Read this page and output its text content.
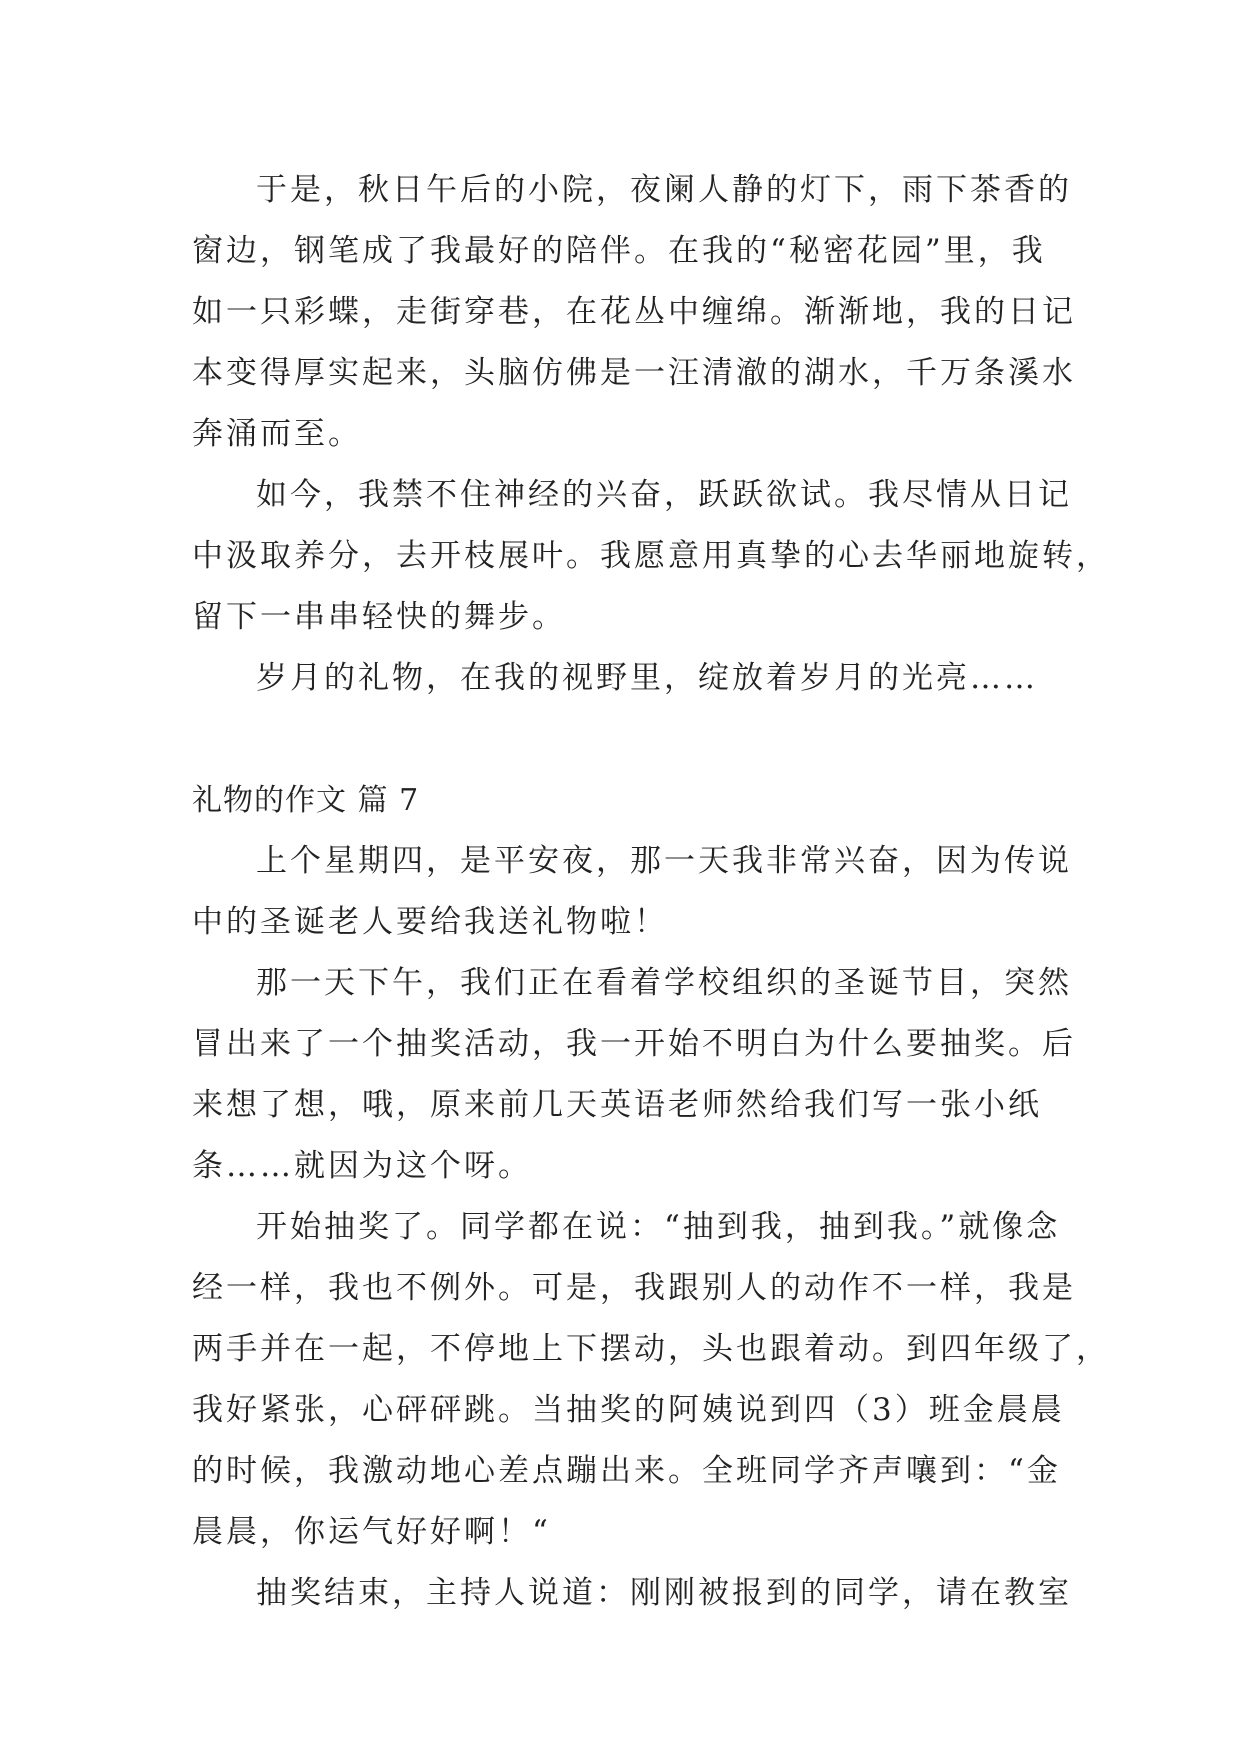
于是，秋日午后的小院，夜阑人静的灯下，雨下茶香的
窗边，钢笔成了我最好的陪伴。在我的“秘密花园”里，我
如一只彩蝶，走街穿巷，在花丛中缠绵。渐渐地，我的日记
本变得厚实起来，头脑仿佛是一汪清澈的湖水，千万条溪水
奔涌而至。
如今，我禁不住神经的兴奋，跃跃欲试。我尽情从日记
中汲取养分，去开枝展叶。我愿意用真挚的心去华丽地旋转，
留下一串串轻快的舞步。
岁月的礼物，在我的视野里，绽放着岁月的光亮……
礼物的作文 篇 7
上个星期四，是平安夜，那一天我非常兴奋，因为传说
中的圣诞老人要给我送礼物啦！
那一天下午，我们正在看着学校组织的圣诞节目，突然
冒出来了一个抽奖活动，我一开始不明白为什么要抽奖。后
来想了想，哦，原来前几天英语老师然给我们写一张小纸
条……就因为这个呀。
开始抽奖了。同学都在说：“抽到我，抽到我。”就像念
经一样，我也不例外。可是，我跟别人的动作不一样，我是
两手并在一起，不停地上下摆动，头也跟着动。到四年级了，
我好紧张，心砰砰跳。当抽奖的阿姨说到四（3）班金晨晨
的时候，我激动地心差点蹦出来。全班同学齐声嚷到：“金
晨晨，你运气好好啊！“
抽奖结束，主持人说道：刚刚被报到的同学，请在教室
